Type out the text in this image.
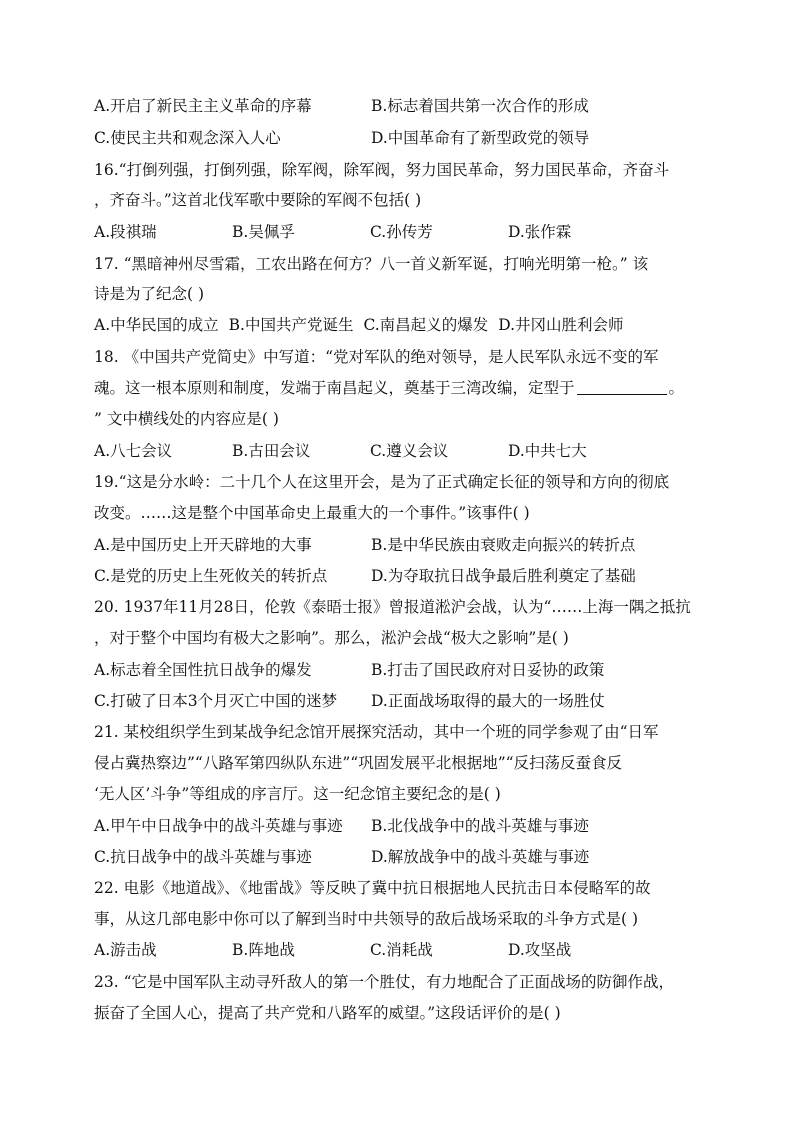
A.开启了新民主主义革命的序幕	B.标志着国共第一次合作的形成
C.使民主共和观念深入人心	D.中国革命有了新型政党的领导
16.“打倒列强，打倒列强，除军阀，除军阀，努力国民革命，努力国民革命，齐奋斗
，齐奋斗。”这首北伐军歌中要除的军阀不包括( )
A.段祺瑞	B.吴佩孚	C.孙传芳	D.张作霖
17. “黑暗神州尽雪霜，工农出路在何方？八一首义新军诞，打响光明第一枪。” 该
诗是为了纪念( )
A.中华民国的成立 B.中国共产党诞生 C.南昌起义的爆发 D.井冈山胜利会师
18. 《中国共产党简史》中写道：“党对军队的绝对领导，是人民军队永远不变的军
魂。这一根本原则和制度，发端于南昌起义，奠基于三湾改编，定型于	。
” 文中横线处的内容应是( )
A.八七会议	B.古田会议	C.遵义会议	D.中共七大
19.“这是分水岭：二十几个人在这里开会，是为了正式确定长征的领导和方向的彻底
改变。……这是整个中国革命史上最重大的一个事件。”该事件( )
A.是中国历史上开天辟地的大事	B.是中华民族由衰败走向振兴的转折点
C.是党的历史上生死攸关的转折点	D.为夺取抗日战争最后胜利奠定了基础
20. 1937年11月28日，伦敦《泰晤士报》曾报道淞沪会战，认为“……上海一隅之抵抗
，对于整个中国均有极大之影响”。那么，淞沪会战“极大之影响”是( )
A.标志着全国性抗日战争的爆发	B.打击了国民政府对日妥协的政策
C.打破了日本3个月灭亡中国的迷梦	D.正面战场取得的最大的一场胜仗
21. 某校组织学生到某战争纪念馆开展探究活动，其中一个班的同学参观了由“日军
侵占冀热察边”“八路军第四纵队东进”“巩固发展平北根据地”“反扫荡反蚕食反
‘无人区’斗争”等组成的序言厅。这一纪念馆主要纪念的是( )
A.甲午中日战争中的战斗英雄与事迹	B.北伐战争中的战斗英雄与事迹
C.抗日战争中的战斗英雄与事迹	D.解放战争中的战斗英雄与事迹
22. 电影《地道战》、《地雷战》等反映了冀中抗日根据地人民抗击日本侵略军的故
事，从这几部电影中你可以了解到当时中共领导的敌后战场采取的斗争方式是( )
A.游击战	B.阵地战	C.消耗战	D.攻坚战
23. “它是中国军队主动寻歼敌人的第一个胜仗，有力地配合了正面战场的防御作战，
振奋了全国人心，提高了共产党和八路军的威望。”这段话评价的是( )
